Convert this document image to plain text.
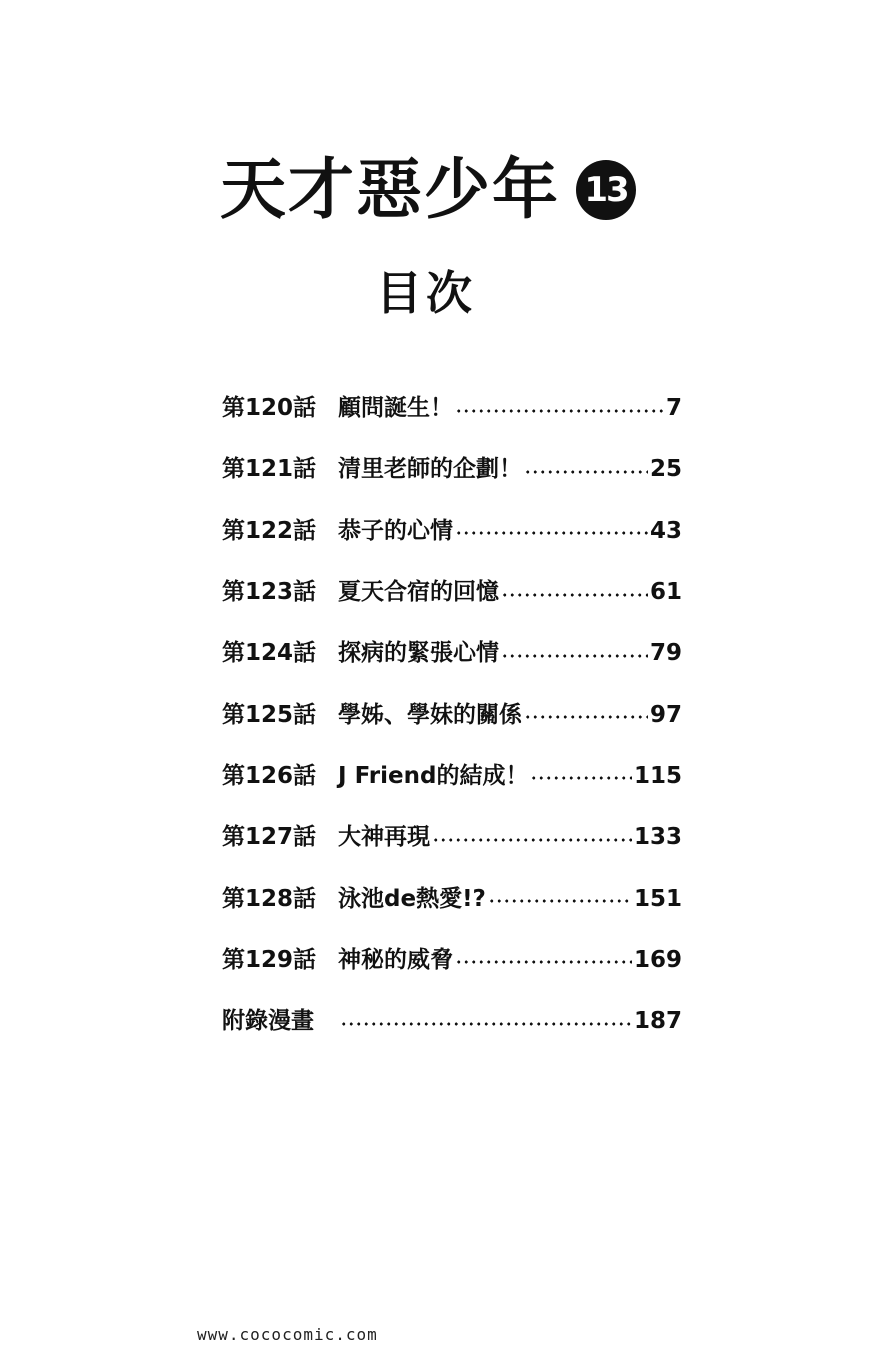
天才惡少年 13
目次
第120話 顧問誕生！	7
第121話 清里老師的企劃！	25
第122話 恭子的心情	43
第123話 夏天合宿的回憶	61
第124話 探病的緊張心情	79
第125話 學姊、學妹的關係	97
第126話 J Friend的結成！	115
第127話 大神再現	133
第128話 泳池de熱愛!?	151
第129話 神秘的威脅	169
附錄漫畫	187
www.cococomic.com
